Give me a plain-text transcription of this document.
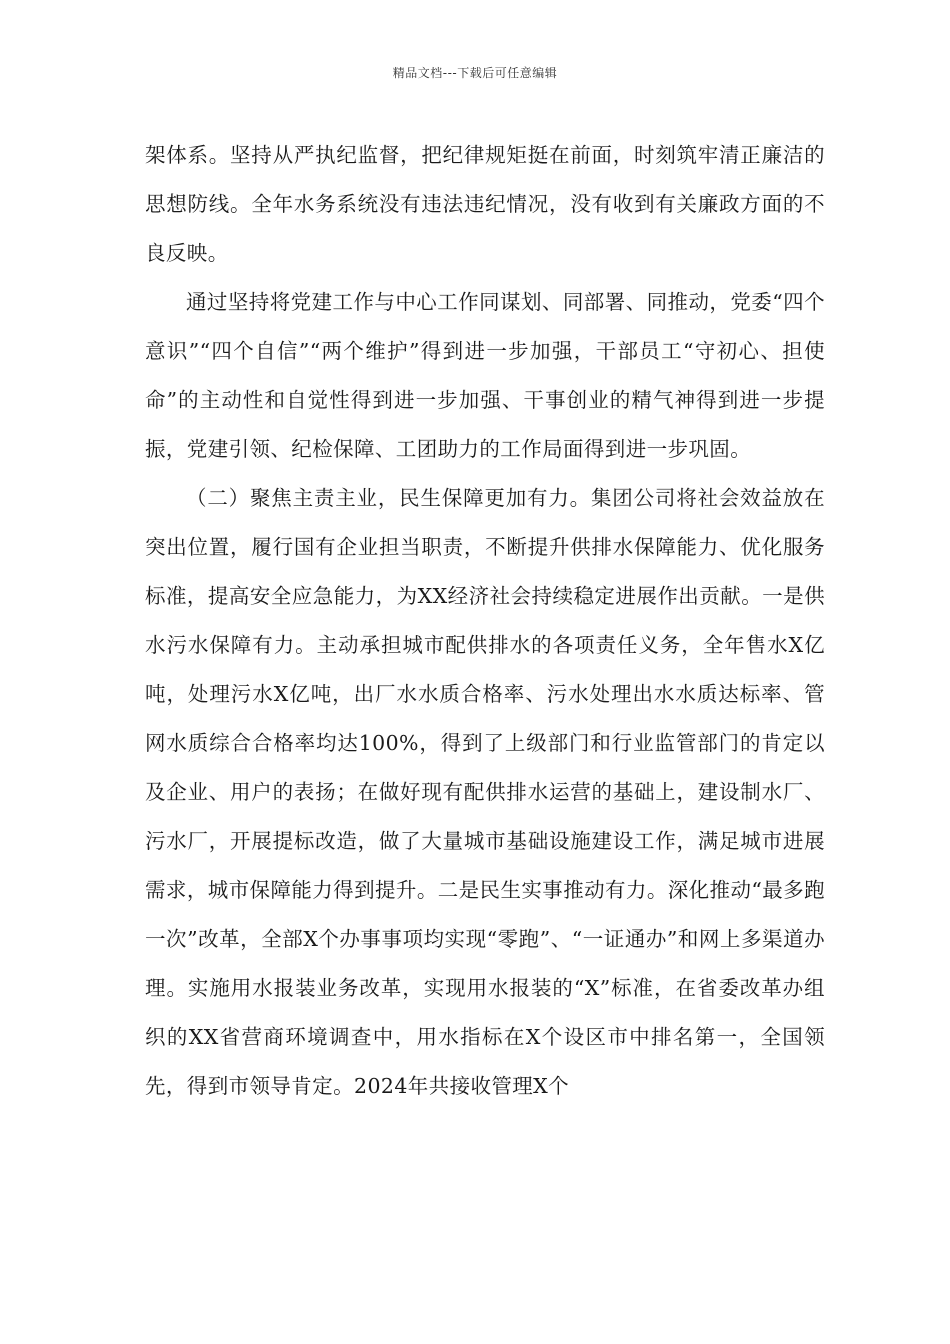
精品文档---下载后可任意编辑

架体系。坚持从严执纪监督，把纪律规矩挺在前面，时刻筑牢清正廉洁的思想防线。全年水务系统没有违法违纪情况，没有收到有关廉政方面的不良反映。

通过坚持将党建工作与中心工作同谋划、同部署、同推动，党委“四个意识”“四个自信”“两个维护”得到进一步加强，干部员工“守初心、担使命”的主动性和自觉性得到进一步加强、干事创业的精气神得到进一步提振，党建引领、纪检保障、工团助力的工作局面得到进一步巩固。

（二）聚焦主责主业，民生保障更加有力。集团公司将社会效益放在突出位置，履行国有企业担当职责，不断提升供排水保障能力、优化服务标准，提高安全应急能力，为XX经济社会持续稳定进展作出贡献。一是供水污水保障有力。主动承担城市配供排水的各项责任义务，全年售水X亿吨，处理污水X亿吨，出厂水水质合格率、污水处理出水水质达标率、管网水质综合合格率均达100%，得到了上级部门和行业监管部门的肯定以及企业、用户的表扬；在做好现有配供排水运营的基础上，建设制水厂、污水厂，开展提标改造，做了大量城市基础设施建设工作，满足城市进展需求，城市保障能力得到提升。二是民生实事推动有力。深化推动“最多跑一次”改革，全部X个办事事项均实现“零跑”、“一证通办”和网上多渠道办理。实施用水报装业务改革，实现用水报装的“X”标准，在省委改革办组织的XX省营商环境调查中，用水指标在X个设区市中排名第一，全国领先，得到市领导肯定。2024年共接收管理X个
